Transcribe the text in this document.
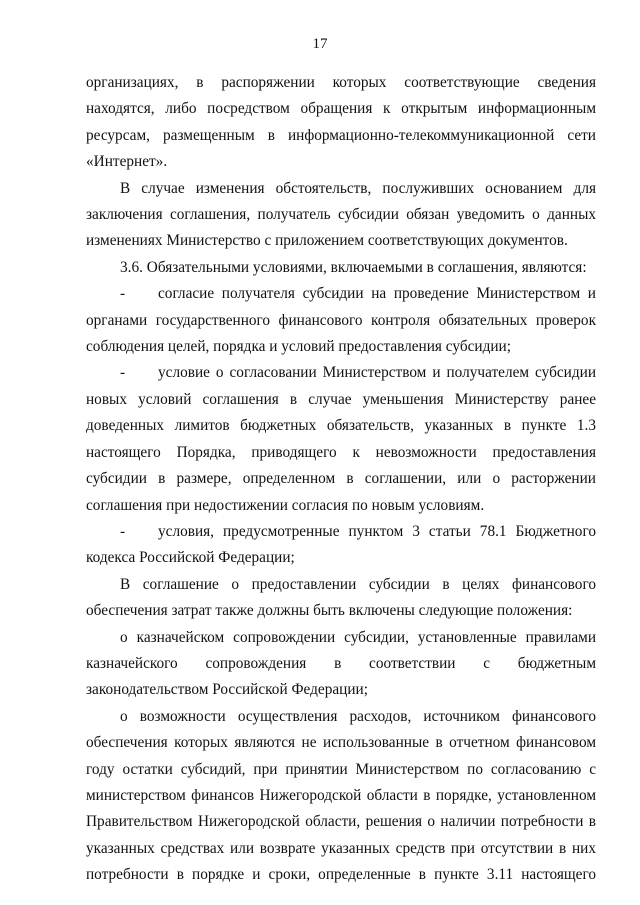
17

организациях, в распоряжении которых соответствующие сведения находятся, либо посредством обращения к открытым информационным ресурсам, размещенным в информационно-телекоммуникационной сети «Интернет».

В случае изменения обстоятельств, послуживших основанием для заключения соглашения, получатель субсидии обязан уведомить о данных изменениях Министерство с приложением соответствующих документов.

3.6. Обязательными условиями, включаемыми в соглашения, являются:

- согласие получателя субсидии на проведение Министерством и органами государственного финансового контроля обязательных проверок соблюдения целей, порядка и условий предоставления субсидии;

- условие о согласовании Министерством и получателем субсидии новых условий соглашения в случае уменьшения Министерству ранее доведенных лимитов бюджетных обязательств, указанных в пункте 1.3 настоящего Порядка, приводящего к невозможности предоставления субсидии в размере, определенном в соглашении, или о расторжении соглашения при недостижении согласия по новым условиям.

- условия, предусмотренные пунктом 3 статьи 78.1 Бюджетного кодекса Российской Федерации;

В соглашение о предоставлении субсидии в целях финансового обеспечения затрат также должны быть включены следующие положения:

о казначейском сопровождении субсидии, установленные правилами казначейского сопровождения в соответствии с бюджетным законодательством Российской Федерации;

о возможности осуществления расходов, источником финансового обеспечения которых являются не использованные в отчетном финансовом году остатки субсидий, при принятии Министерством по согласованию с министерством финансов Нижегородской области в порядке, установленном Правительством Нижегородской области, решения о наличии потребности в указанных средствах или возврате указанных средств при отсутствии в них потребности в порядке и сроки, определенные в пункте 3.11 настоящего
